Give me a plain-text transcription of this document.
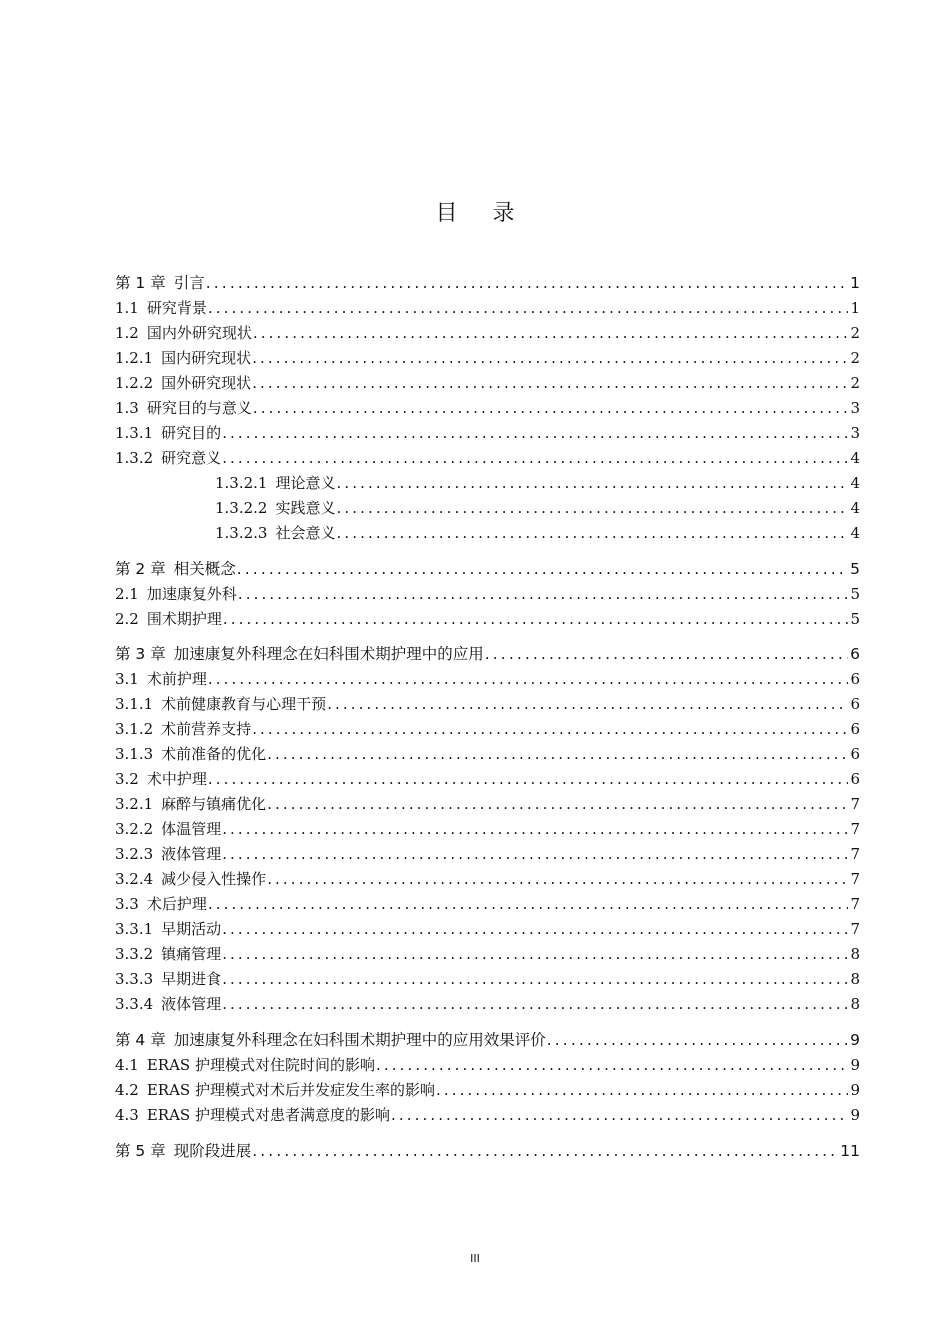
目 录
第 1 章 引言 .....	1
1.1 研究背景 .....	1
1.2 国内外研究现状 .....	2
1.2.1 国内研究现状 .....	2
1.2.2 国外研究现状 .....	2
1.3 研究目的与意义 .....	3
1.3.1 研究目的 .....	3
1.3.2 研究意义 .....	4
1.3.2.1 理论意义 .....	4
1.3.2.2 实践意义 .....	4
1.3.2.3 社会意义 .....	4
第 2 章 相关概念 .....	5
2.1 加速康复外科 .....	5
2.2 围术期护理 .....	5
第 3 章 加速康复外科理念在妇科围术期护理中的应用 .....	6
3.1 术前护理 .....	6
3.1.1 术前健康教育与心理干预 .....	6
3.1.2 术前营养支持 .....	6
3.1.3 术前准备的优化 .....	6
3.2 术中护理 .....	6
3.2.1 麻醉与镇痛优化 .....	7
3.2.2 体温管理 .....	7
3.2.3 液体管理 .....	7
3.2.4 减少侵入性操作 .....	7
3.3 术后护理 .....	7
3.3.1 早期活动 .....	7
3.3.2 镇痛管理 .....	8
3.3.3 早期进食 .....	8
3.3.4 液体管理 .....	8
第 4 章 加速康复外科理念在妇科围术期护理中的应用效果评价 .....	9
4.1 ERAS 护理模式对住院时间的影响 .....	9
4.2 ERAS 护理模式对术后并发症发生率的影响 .....	9
4.3 ERAS 护理模式对患者满意度的影响 .....	9
第 5 章 现阶段进展 .....	11
III
